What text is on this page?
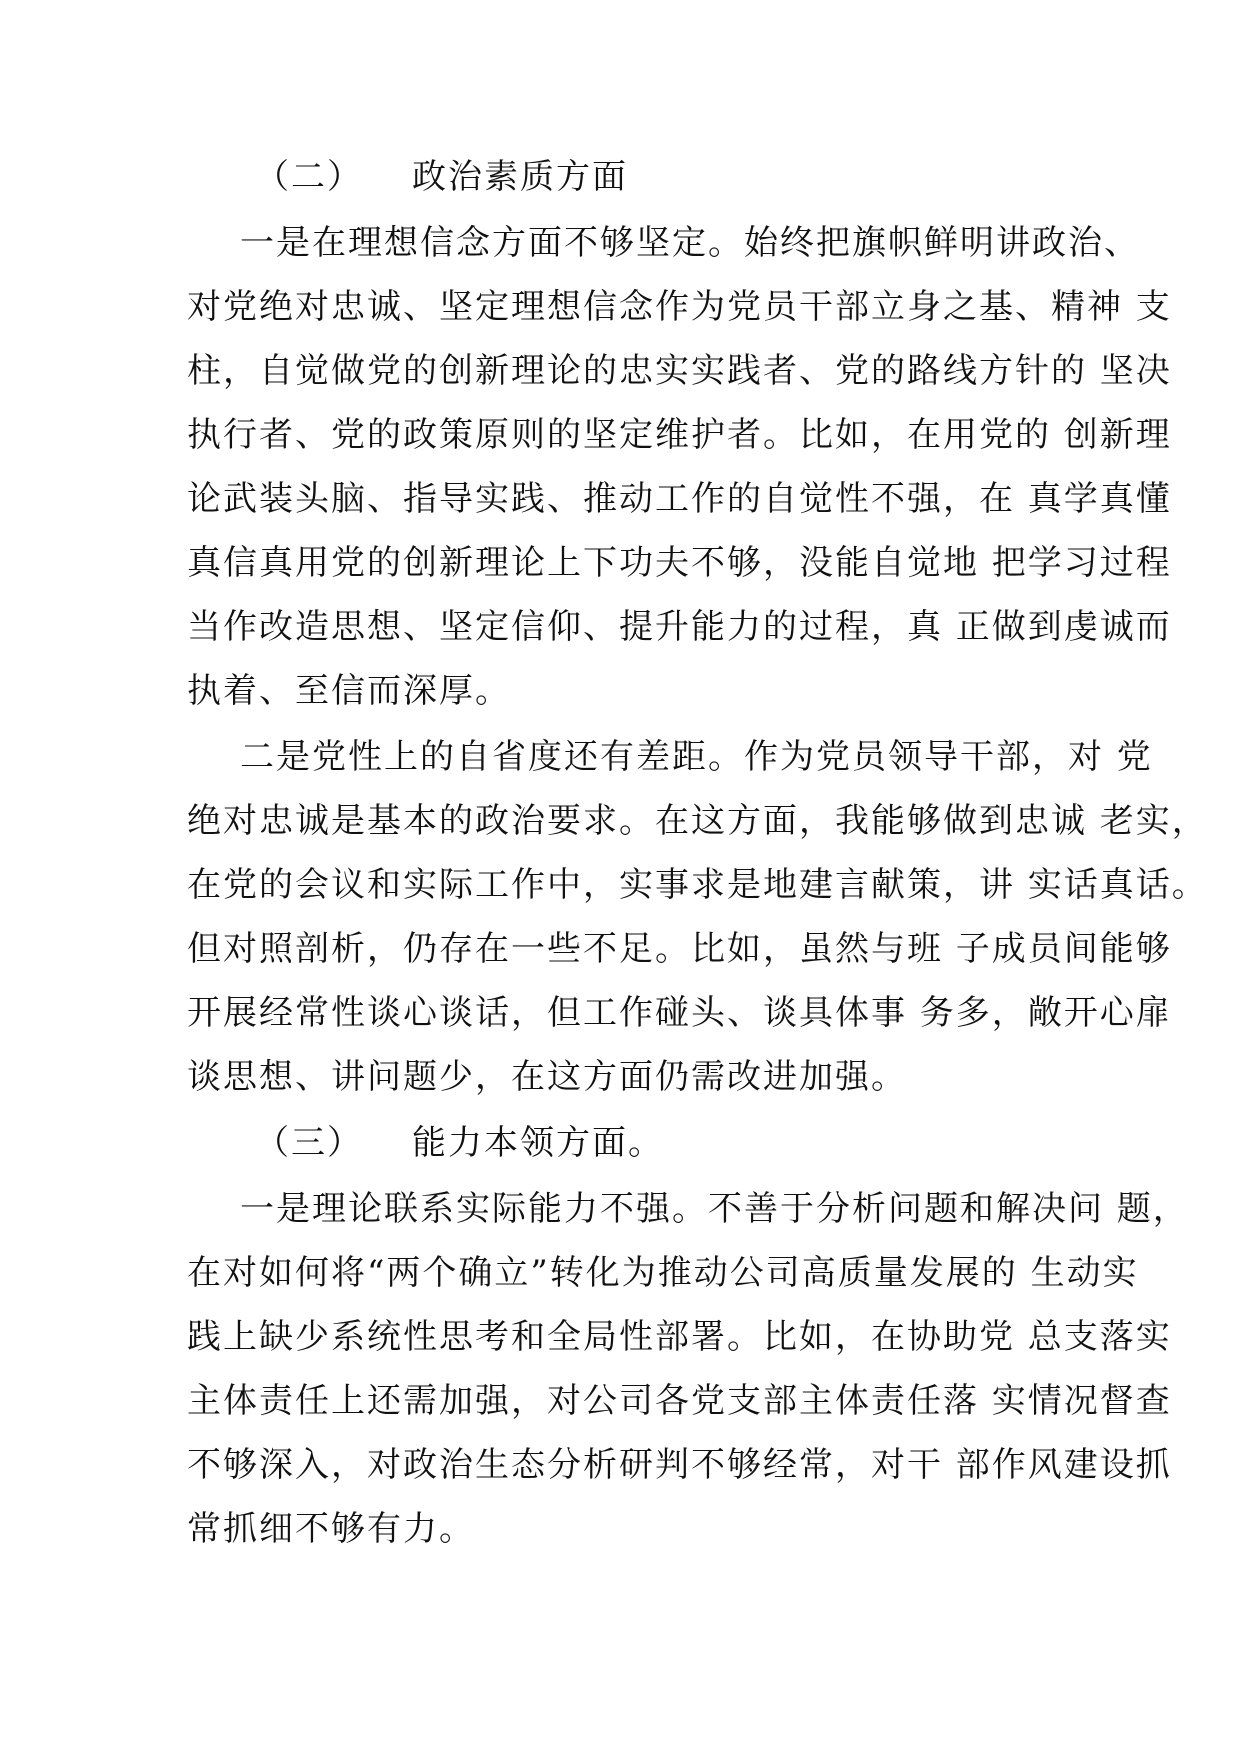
（二） 政治素质方面
一是在理想信念方面不够坚定。始终把旗帜鲜明讲政治、
对党绝对忠诚、坚定理想信念作为党员干部立身之基、精神 支
柱，自觉做党的创新理论的忠实实践者、党的路线方针的 坚决
执行者、党的政策原则的坚定维护者。比如，在用党的 创新理
论武装头脑、指导实践、推动工作的自觉性不强，在 真学真懂
真信真用党的创新理论上下功夫不够，没能自觉地 把学习过程
当作改造思想、坚定信仰、提升能力的过程，真 正做到虔诚而
执着、至信而深厚。
二是党性上的自省度还有差距。作为党员领导干部，对 党
绝对忠诚是基本的政治要求。在这方面，我能够做到忠诚 老实，
在党的会议和实际工作中，实事求是地建言献策，讲 实话真话。
但对照剖析，仍存在一些不足。比如，虽然与班 子成员间能够
开展经常性谈心谈话，但工作碰头、谈具体事 务多，敞开心扉
谈思想、讲问题少，在这方面仍需改进加强。
（三） 能力本领方面。
一是理论联系实际能力不强。不善于分析问题和解决问 题，
在对如何将“两个确立”转化为推动公司高质量发展的 生动实
践上缺少系统性思考和全局性部署。比如，在协助党 总支落实
主体责任上还需加强，对公司各党支部主体责任落 实情况督查
不够深入，对政治生态分析研判不够经常，对干 部作风建设抓
常抓细不够有力。
